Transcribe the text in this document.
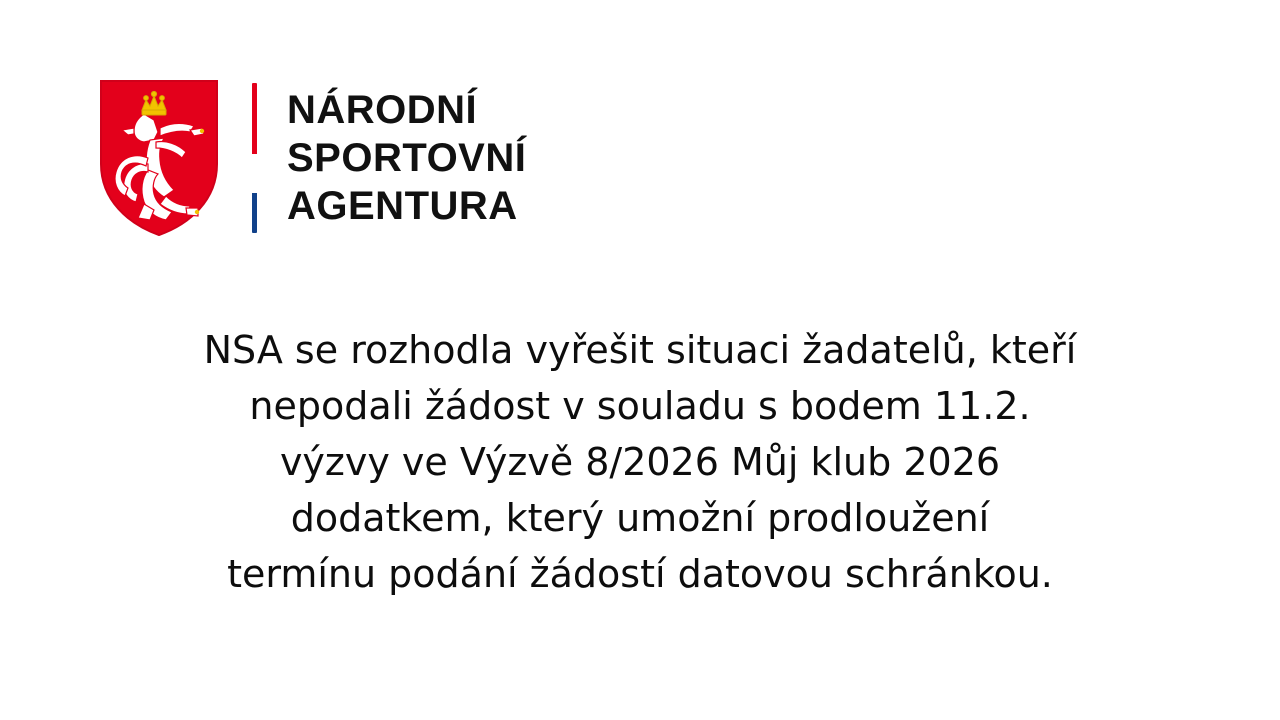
NÁRODNÍ
SPORTOVNÍ
AGENTURA
NSA se rozhodla vyřešit situaci žadatelů, kteří
nepodali žádost v souladu s bodem 11.2.
výzvy ve Výzvě 8/2026 Můj klub 2026
dodatkem, který umožní prodloužení
termínu podání žádostí datovou schránkou.
